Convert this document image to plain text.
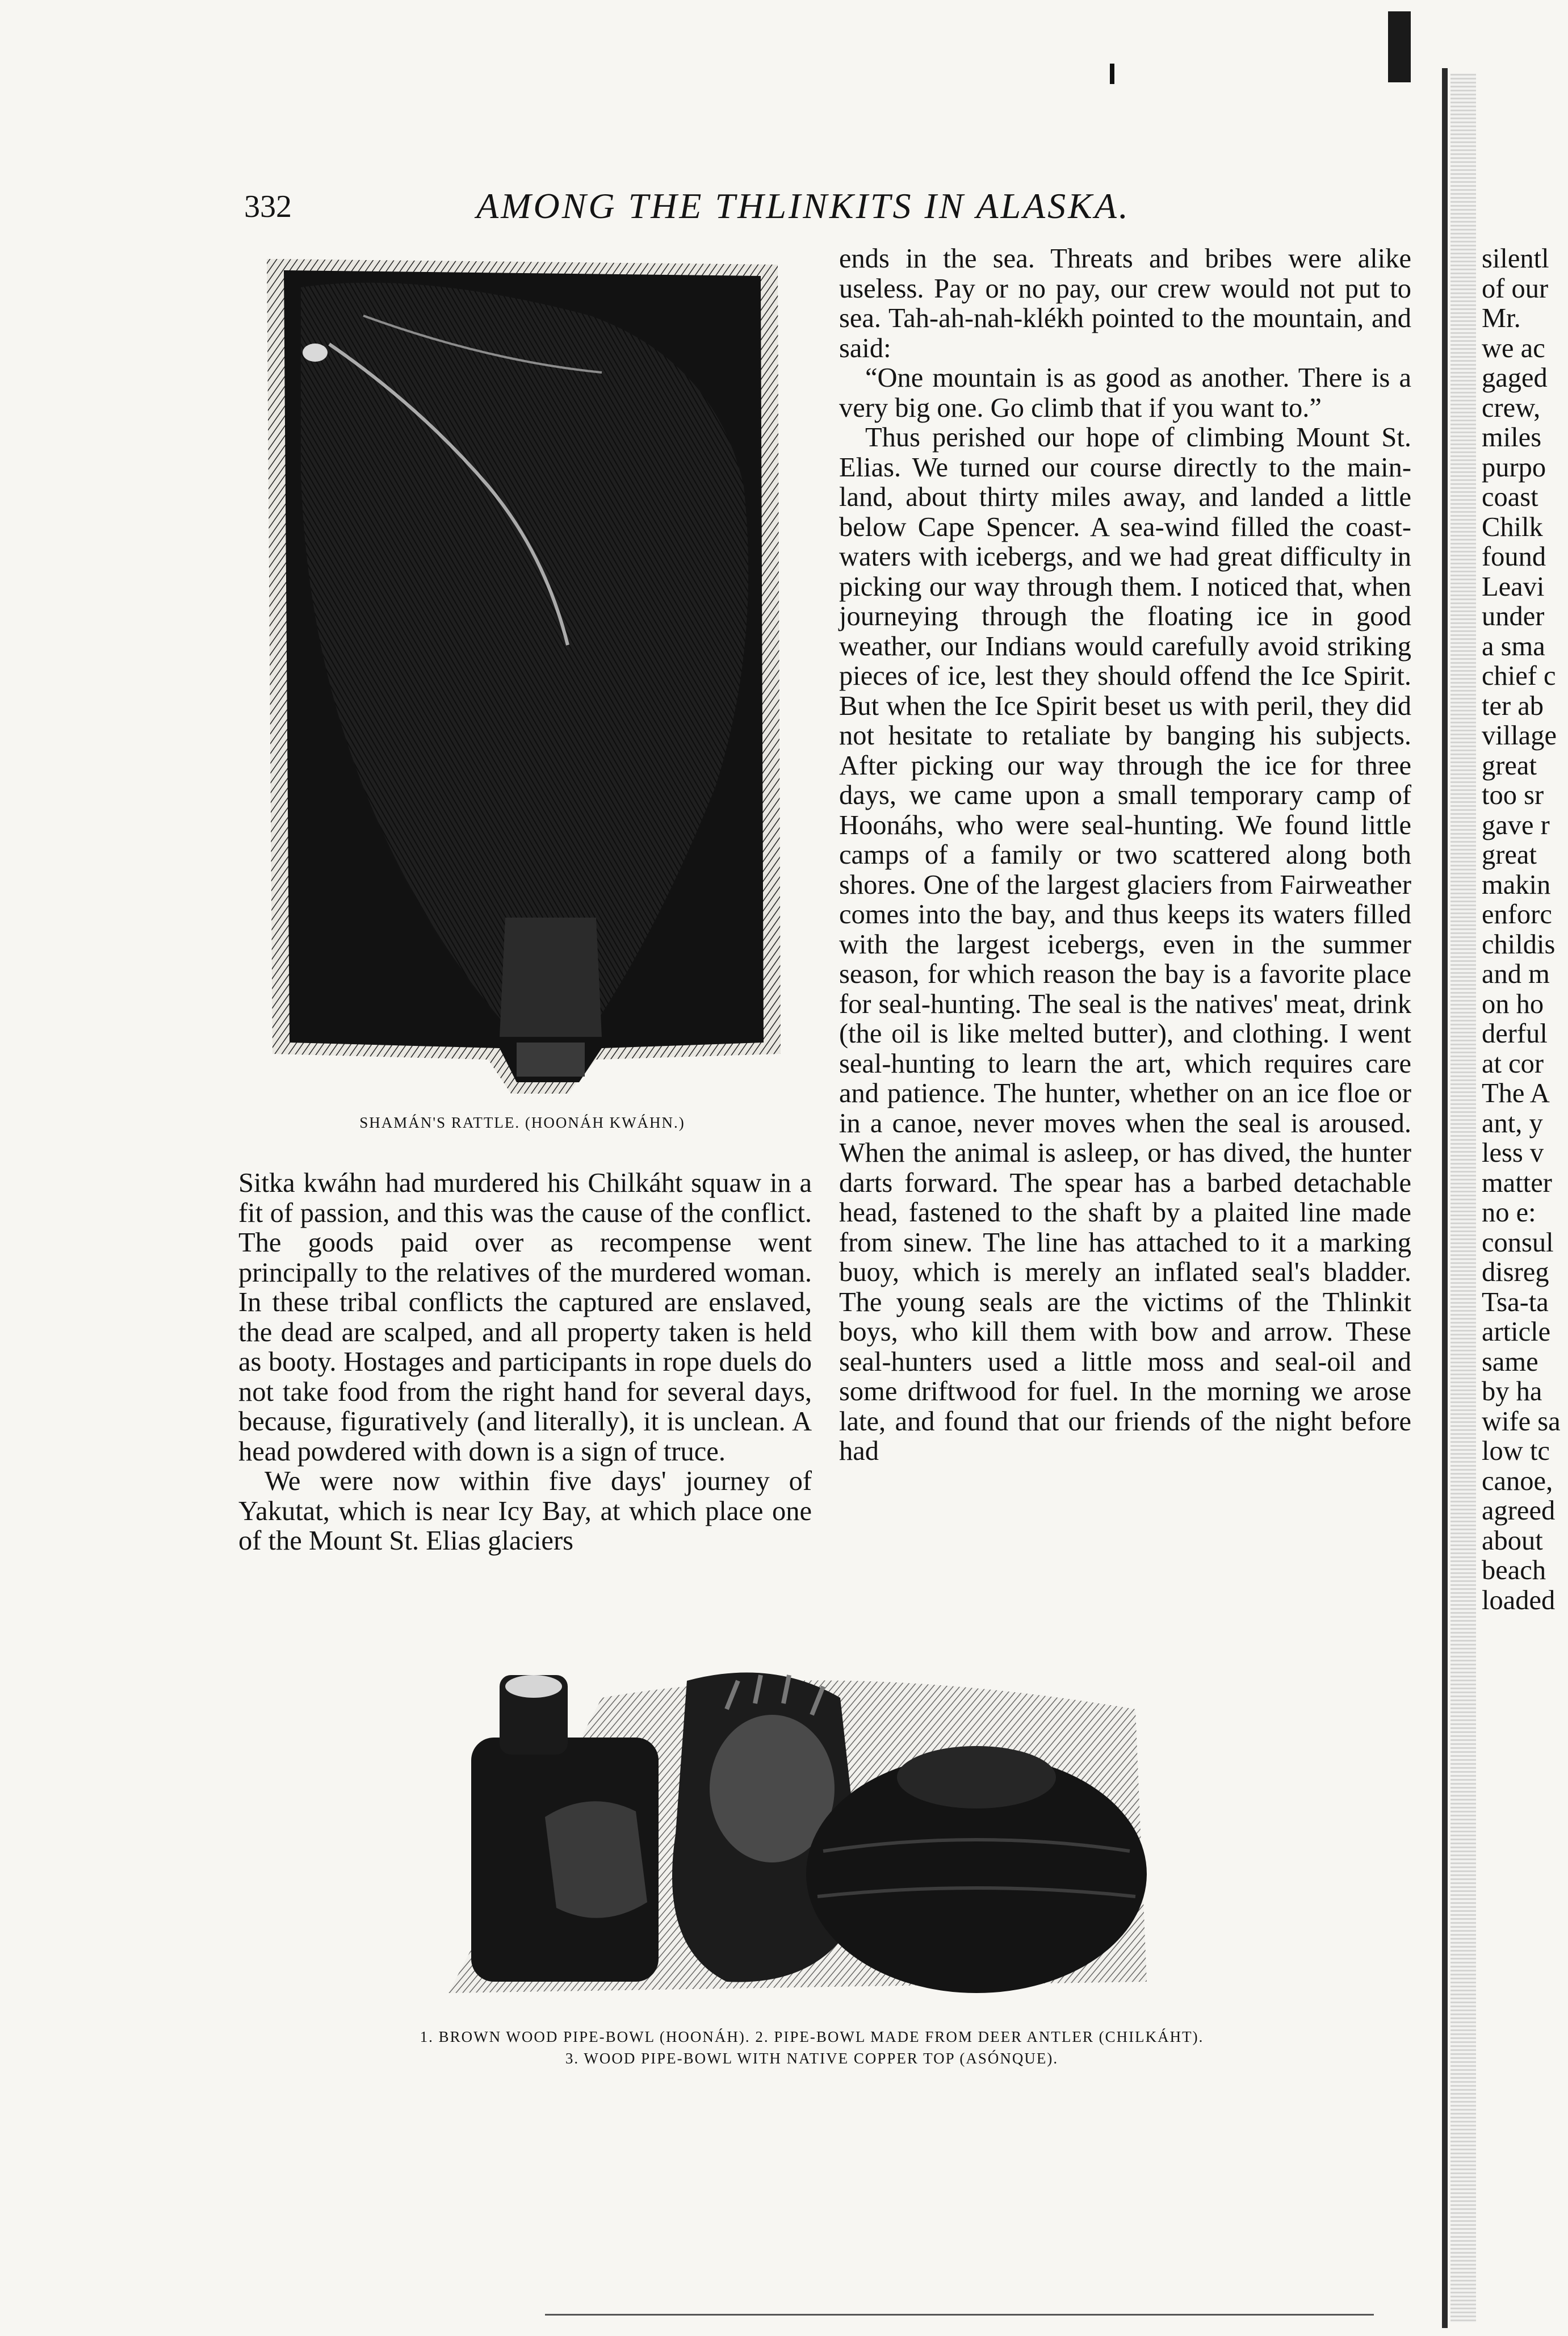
332	AMONG THE THLINKITS IN ALASKA.
SHAMÁN'S RATTLE. (HOONÁH KWÁHN.)

Sitka kwáhn had murdered his Chilkáht squaw in a fit of passion, and this was the cause of the conflict. The goods paid over as recompense went principally to the relatives of the murdered woman. In these tribal conflicts the captured are enslaved, the dead are scalped, and all property taken is held as booty. Hostages and participants in rope duels do not take food from the right hand for several days, because, figuratively (and literally), it is unclean. A head powdered with down is a sign of truce.

We were now within five days' journey of Yakutat, which is near Icy Bay, at which place one of the Mount St. Elias glaciers

ends in the sea. Threats and bribes were alike useless. Pay or no pay, our crew would not put to sea. Tah-ah-nah-klékh pointed to the mountain, and said:

“One mountain is as good as another. There is a very big one. Go climb that if you want to.”

Thus perished our hope of climbing Mount St. Elias. We turned our course directly to the main-land, about thirty miles away, and landed a little below Cape Spencer. A sea-wind filled the coast-waters with icebergs, and we had great difficulty in picking our way through them. I noticed that, when journeying through the floating ice in good weather, our Indians would carefully avoid striking pieces of ice, lest they should offend the Ice Spirit. But when the Ice Spirit beset us with peril, they did not hesitate to retaliate by banging his subjects. After picking our way through the ice for three days, we came upon a small temporary camp of Hoonáhs, who were seal-hunting. We found little camps of a family or two scattered along both shores. One of the largest glaciers from Fairweather comes into the bay, and thus keeps its waters filled with the largest icebergs, even in the summer season, for which reason the bay is a favorite place for seal-hunting. The seal is the natives' meat, drink (the oil is like melted butter), and clothing. I went seal-hunting to learn the art, which requires care and patience. The hunter, whether on an ice floe or in a canoe, never moves when the seal is aroused. When the animal is asleep, or has dived, the hunter darts forward. The spear has a barbed detachable head, fastened to the shaft by a plaited line made from sinew. The line has attached to it a marking buoy, which is merely an inflated seal's bladder. The young seals are the victims of the Thlinkit boys, who kill them with bow and arrow. These seal-hunters used a little moss and seal-oil and some driftwood for fuel. In the morning we arose late, and found that our friends of the night before had

1. BROWN WOOD PIPE-BOWL (HOONÁH). 2. PIPE-BOWL MADE FROM DEER ANTLER (CHILKÁHT).
3. WOOD PIPE-BOWL WITH NATIVE COPPER TOP (ASÓNQUE).
silentl
of our
Mr.
we ac
gaged
crew,
miles
purpo
coast
Chilk
found
Leavi
under
a sma
chief c
ter ab
village
great
too sr
gave r
great
makin
enforc
childis
and m
on ho
derful
at cor
The A
ant, y
less v
matter
no e:
consul
disreg
Tsa-ta
article
same
by ha
wife sa
low tc
canoe,
agreed
about
beach
loaded
